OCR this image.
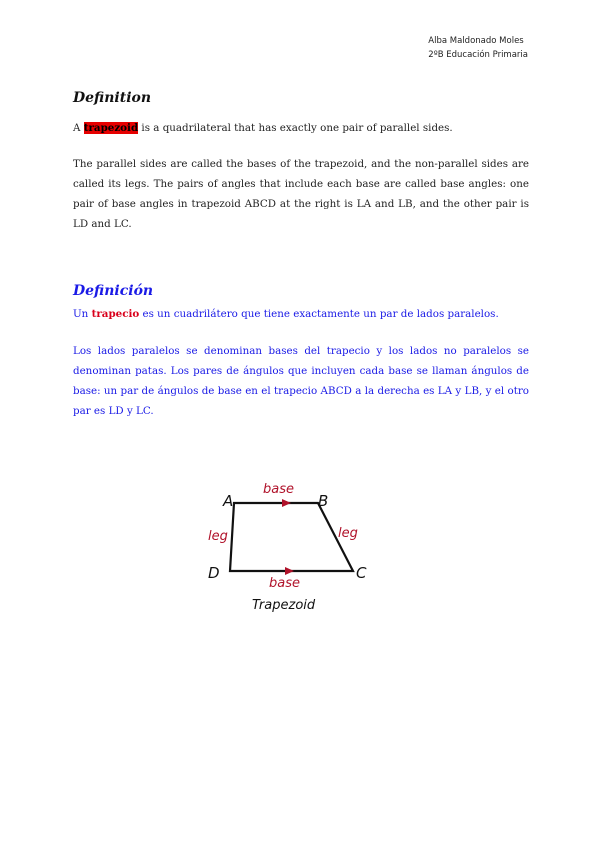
Alba Maldonado Moles
2ºB Educación Primaria
Definition

A trapezoid is a quadrilateral that has exactly one pair of parallel sides.

The parallel sides are called the bases of the trapezoid, and the non-parallel sides are called its legs. The pairs of angles that include each base are called base angles: one pair of base angles in trapezoid ABCD at the right is LA and LB, and the other pair is LD and LC.

Definición

Un trapecio es un cuadrilátero que tiene exactamente un par de lados paralelos.

Los lados paralelos se denominan bases del trapecio y los lados no paralelos se denominan patas. Los pares de ángulos que incluyen cada base se llaman ángulos de base: un par de ángulos de base en el trapecio ABCD a la derecha es LA y LB, y el otro par es LD y LC.

A	B
C
D
base
base
leg	leg
Trapezoid
